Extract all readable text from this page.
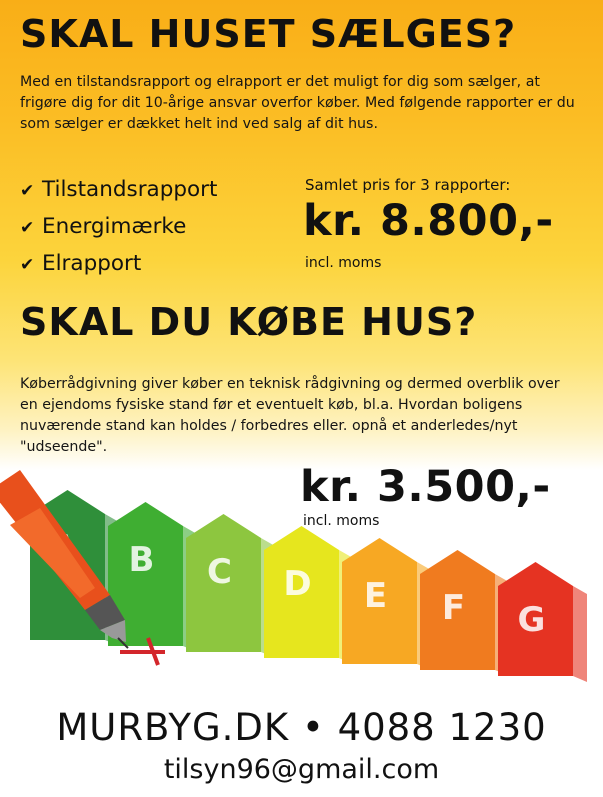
SKAL HUSET SÆLGES?
Med en tilstandsrapport og elrapport er det muligt for dig som sælger, at frigøre dig for dit 10-årige ansvar overfor køber. Med følgende rapporter er du som sælger er dækket helt ind ved salg af dit hus.
✔ Tilstandsrapport
✔ Energimærke
✔ Elrapport
Samlet pris for 3 rapporter:
kr. 8.800,-
incl. moms
SKAL DU KØBE HUS?
Køberrådgivning giver køber en teknisk rådgivning og dermed overblik over en ejendoms fysiske stand før et eventuelt køb, bl.a. Hvordan boligens nuværende stand kan holdes / forbedres eller. opnå et anderledes/nyt "udseende".
B C D E F G
kr. 3.500,-
incl. moms
MURBYG.DK • 4088 1230
tilsyn96@gmail.com
